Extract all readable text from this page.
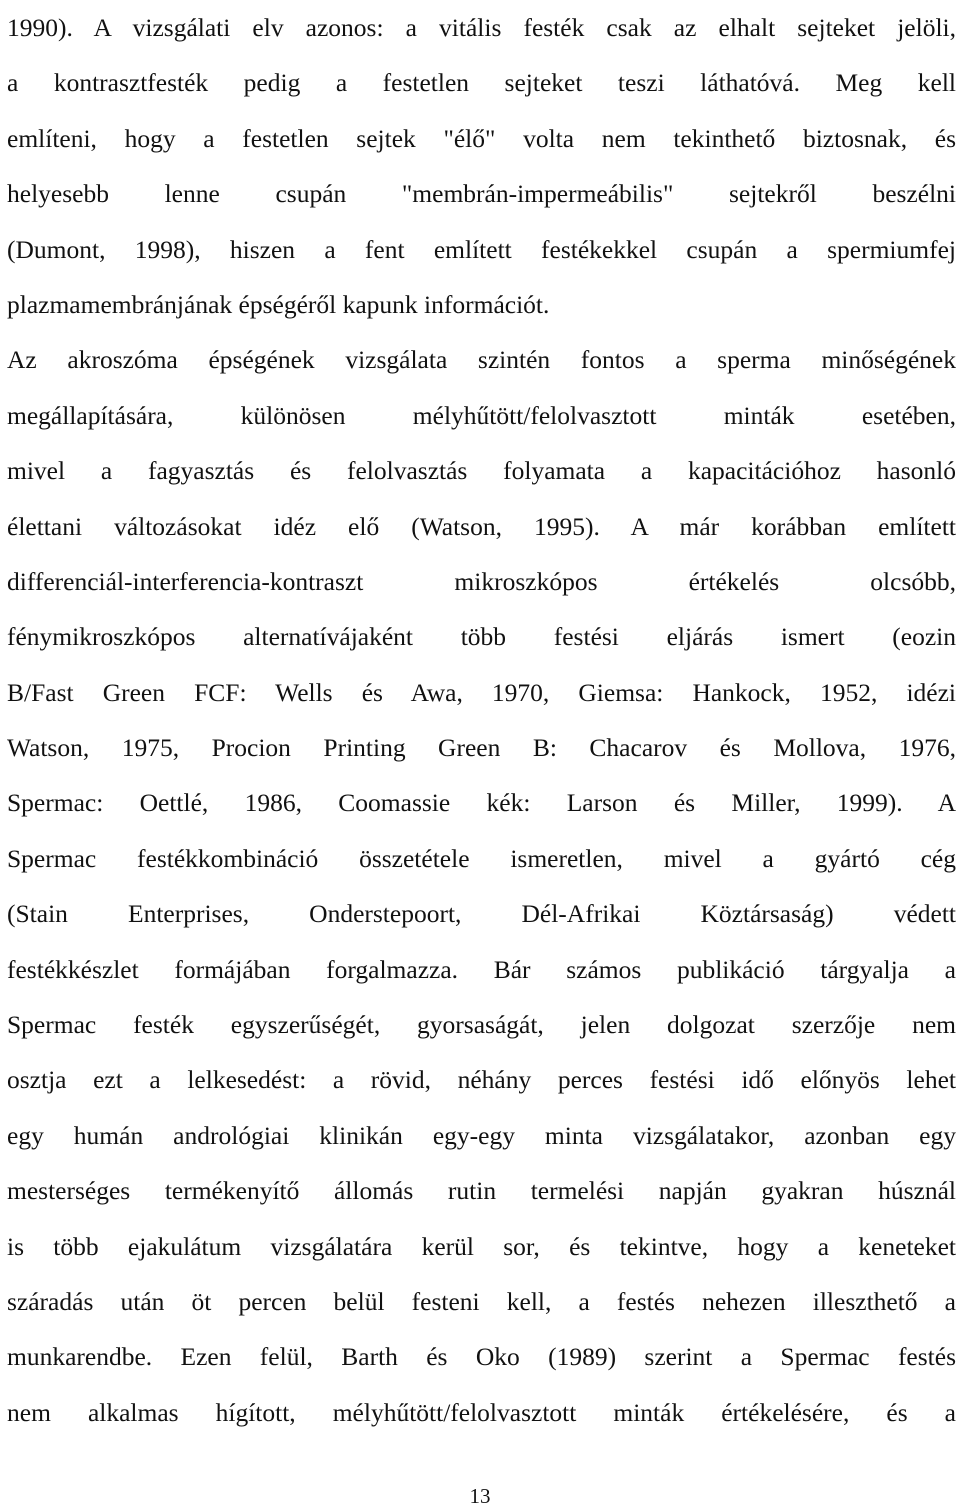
1990). A vizsgálati elv azonos: a vitális festék csak az elhalt sejteket jelöli,
a kontrasztfesték pedig a festetlen sejteket teszi láthatóvá. Meg kell
említeni, hogy a festetlen sejtek "élő" volta nem tekinthető biztosnak, és
helyesebb lenne csupán "membrán-impermeábilis" sejtekről beszélni
(Dumont, 1998), hiszen a fent említett festékekkel csupán a spermiumfej
plazmamembránjának épségéről kapunk információt.
Az akroszóma épségének vizsgálata szintén fontos a sperma minőségének
megállapítására, különösen mélyhűtött/felolvasztott minták esetében,
mivel a fagyasztás és felolvasztás folyamata a kapacitációhoz hasonló
élettani változásokat idéz elő (Watson, 1995). A már korábban említett
differenciál-interferencia-kontraszt mikroszkópos értékelés olcsóbb,
fénymikroszkópos alternatívájaként több festési eljárás ismert (eozin
B/Fast Green FCF: Wells és Awa, 1970, Giemsa: Hankock, 1952, idézi
Watson, 1975, Procion Printing Green B: Chacarov és Mollova, 1976,
Spermac: Oettlé, 1986, Coomassie kék: Larson és Miller, 1999). A
Spermac festékkombináció összetétele ismeretlen, mivel a gyártó cég
(Stain Enterprises, Onderstepoort, Dél-Afrikai Köztársaság) védett
festékkészlet formájában forgalmazza. Bár számos publikáció tárgyalja a
Spermac festék egyszerűségét, gyorsaságát, jelen dolgozat szerzője nem
osztja ezt a lelkesedést: a rövid, néhány perces festési idő előnyös lehet
egy humán andrológiai klinikán egy-egy minta vizsgálatakor, azonban egy
mesterséges termékenyítő állomás rutin termelési napján gyakran húsznál
is több ejakulátum vizsgálatára kerül sor, és tekintve, hogy a keneteket
száradás után öt percen belül festeni kell, a festés nehezen illeszthető a
munkarendbe. Ezen felül, Barth és Oko (1989) szerint a Spermac festés
nem alkalmas hígított, mélyhűtött/felolvasztott minták értékelésére, és a
13
